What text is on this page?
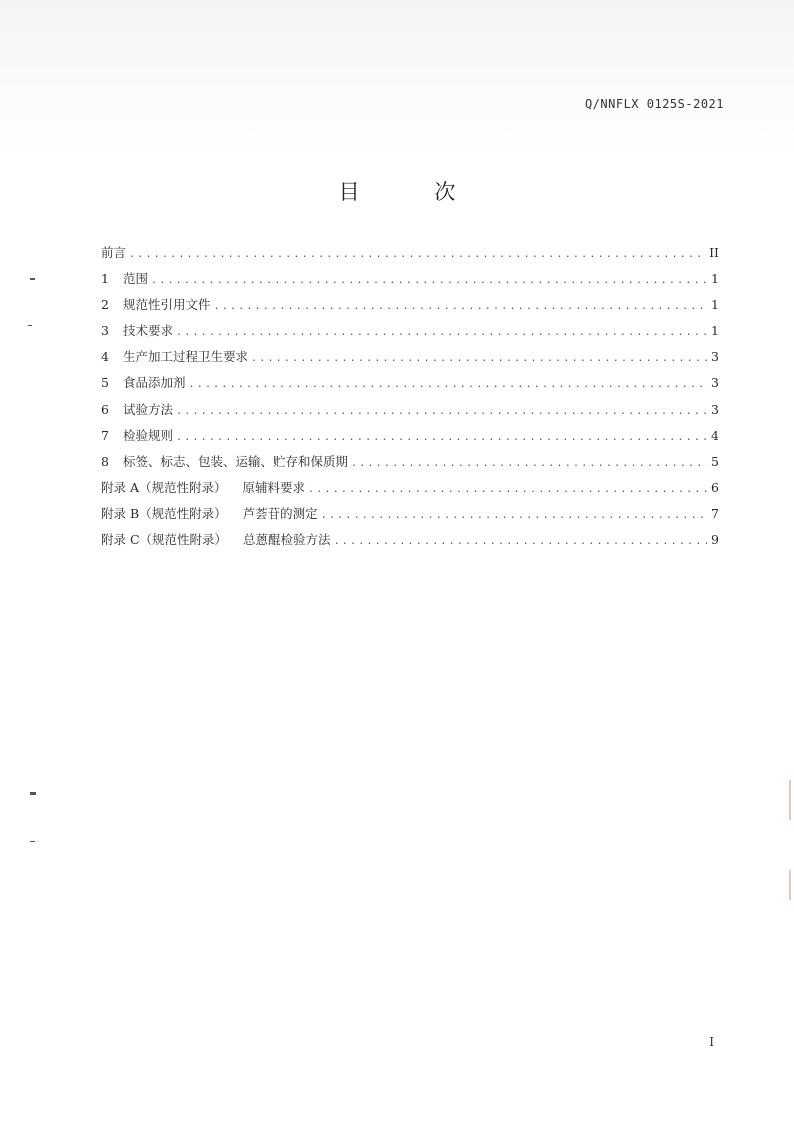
Q/NNFLX 0125S-2021
目 次
前言 .....	II
1	范围 .....	1
2	规范性引用文件 .....	1
3	技术要求 .....	1
4	生产加工过程卫生要求 .....	3
5	食品添加剂 .....	3
6	试验方法 .....	3
7	检验规则 .....	4
8	标签、标志、包装、运输、贮存和保质期 .....	5
附录 A（规范性附录） 原辅料要求 .....	6
附录 B（规范性附录） 芦荟苷的测定 .....	7
附录 C（规范性附录） 总蒽醌检验方法 .....	9
I
